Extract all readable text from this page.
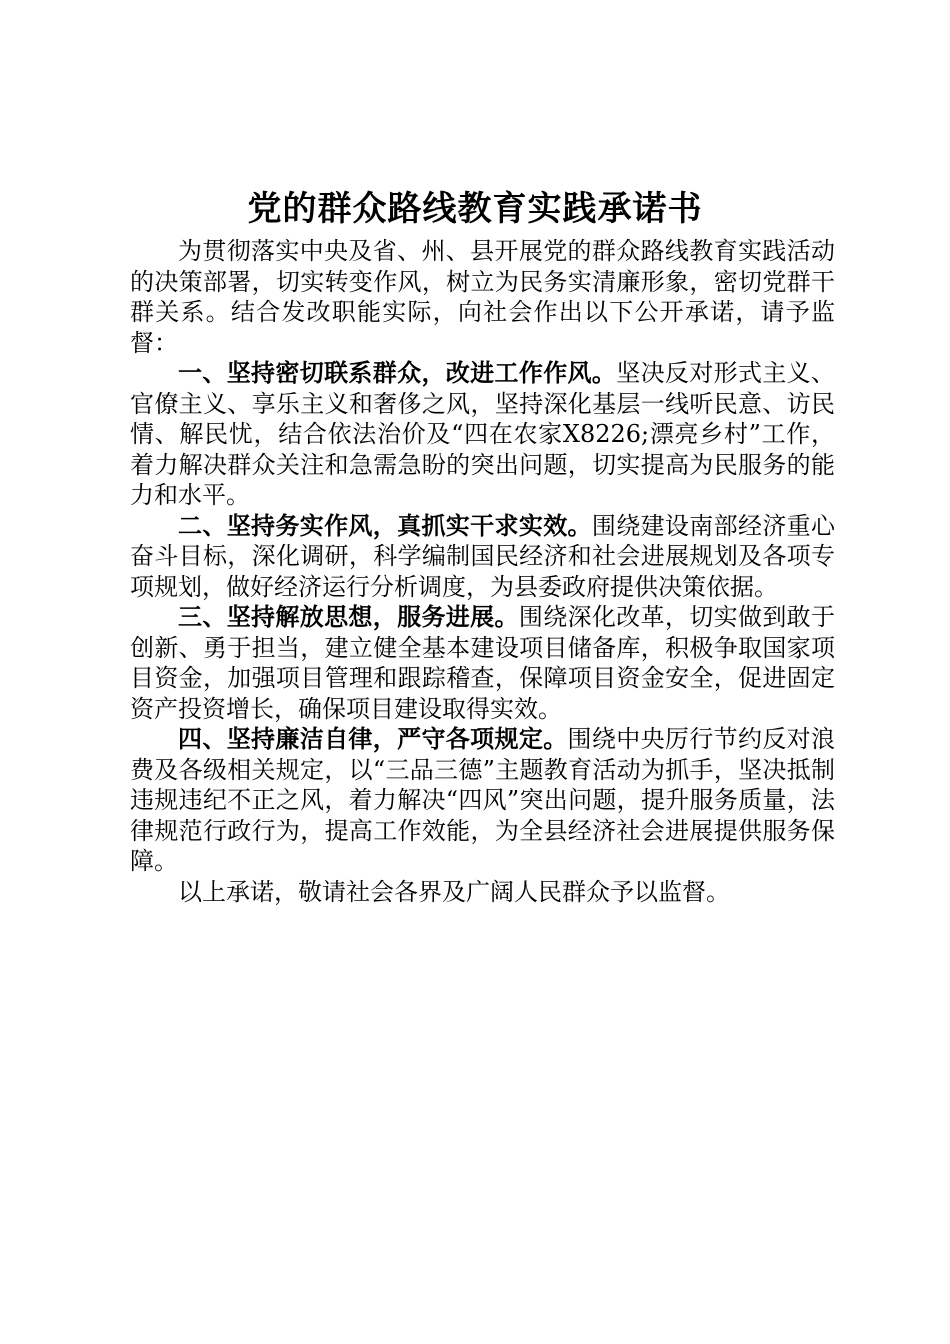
党的群众路线教育实践承诺书

为贯彻落实中央及省、州、县开展党的群众路线教育实践活动的决策部署，切实转变作风，树立为民务实清廉形象，密切党群干群关系。结合发改职能实际，向社会作出以下公开承诺，请予监督：

一、坚持密切联系群众，改进工作作风。坚决反对形式主义、官僚主义、享乐主义和奢侈之风，坚持深化基层一线听民意、访民情、解民忧，结合依法治价及“四在农家X8226;漂亮乡村”工作，着力解决群众关注和急需急盼的突出问题，切实提高为民服务的能力和水平。

二、坚持务实作风，真抓实干求实效。围绕建设南部经济重心奋斗目标，深化调研，科学编制国民经济和社会进展规划及各项专项规划，做好经济运行分析调度，为县委政府提供决策依据。

三、坚持解放思想，服务进展。围绕深化改革，切实做到敢于创新、勇于担当，建立健全基本建设项目储备库，积极争取国家项目资金，加强项目管理和跟踪稽查，保障项目资金安全，促进固定资产投资增长，确保项目建设取得实效。

四、坚持廉洁自律，严守各项规定。围绕中央厉行节约反对浪费及各级相关规定，以“三品三德”主题教育活动为抓手，坚决抵制违规违纪不正之风，着力解决“四风”突出问题，提升服务质量，法律规范行政行为，提高工作效能，为全县经济社会进展提供服务保障。

以上承诺，敬请社会各界及广阔人民群众予以监督。
